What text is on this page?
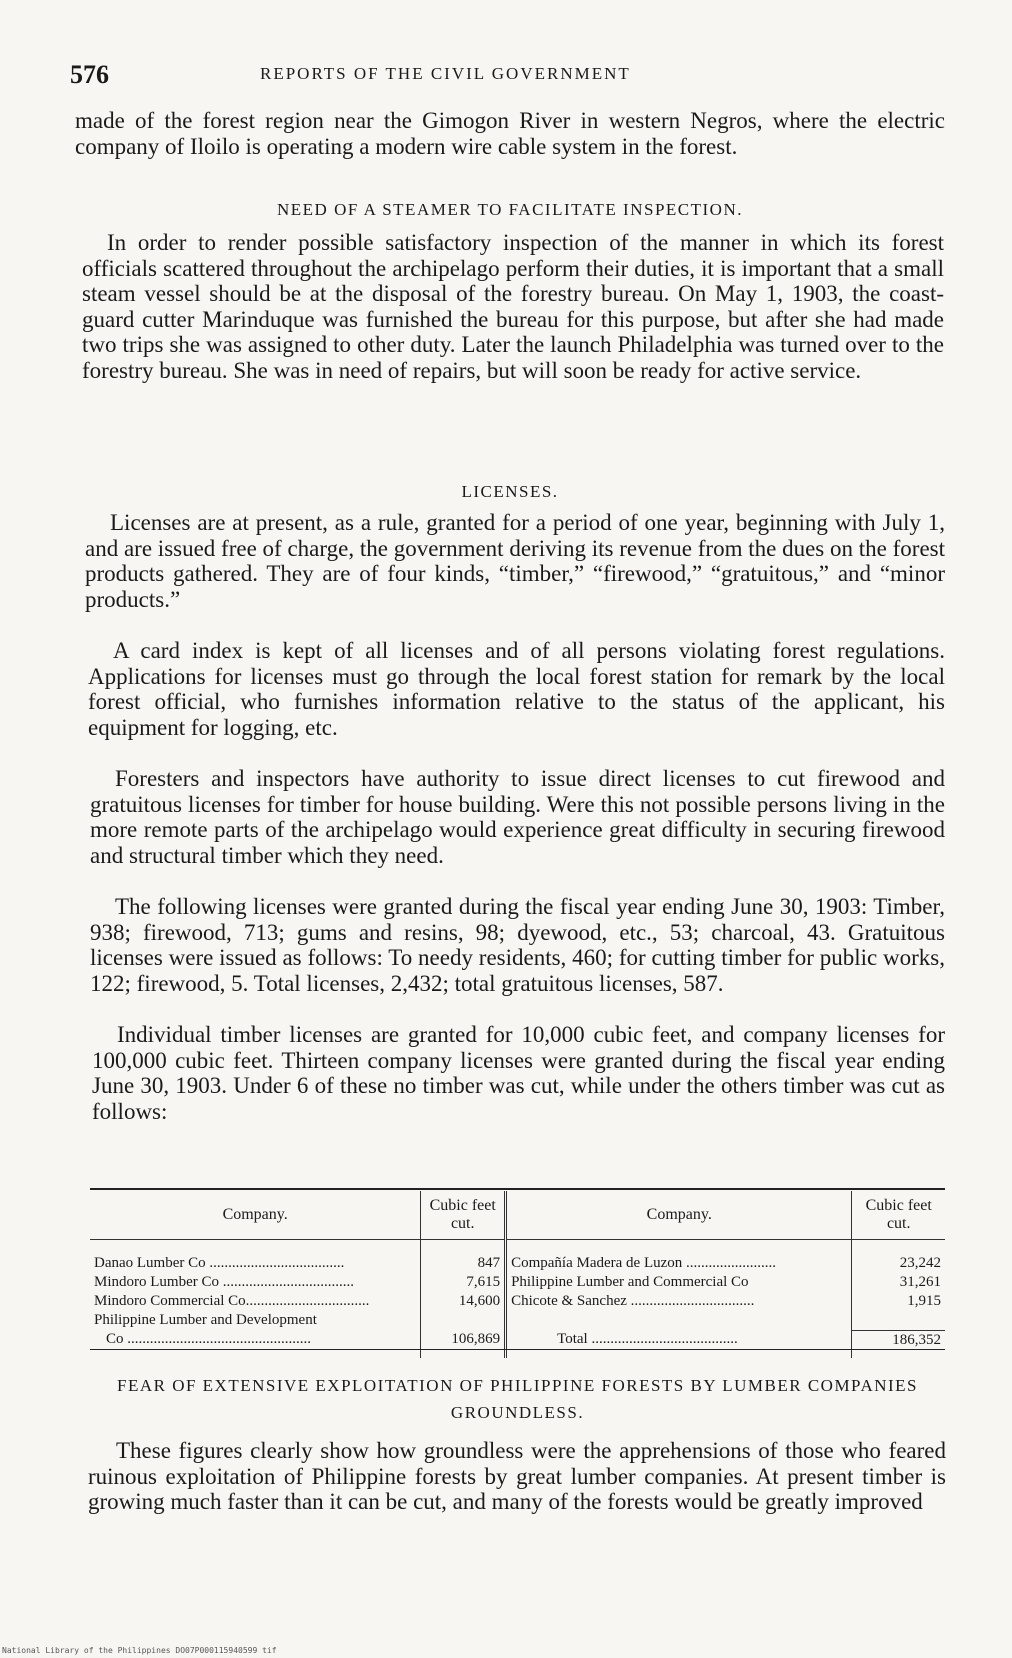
576	REPORTS OF THE CIVIL GOVERNMENT

made of the forest region near the Gimogon River in western Negros, where the electric company of Iloilo is operating a modern wire cable system in the forest.

NEED OF A STEAMER TO FACILITATE INSPECTION.

In order to render possible satisfactory inspection of the manner in which its forest officials scattered throughout the archipelago perform their duties, it is important that a small steam vessel should be at the disposal of the forestry bureau. On May 1, 1903, the coast-guard cutter Marinduque was furnished the bureau for this purpose, but after she had made two trips she was assigned to other duty. Later the launch Philadelphia was turned over to the forestry bureau. She was in need of repairs, but will soon be ready for active service.

LICENSES.

Licenses are at present, as a rule, granted for a period of one year, beginning with July 1, and are issued free of charge, the government deriving its revenue from the dues on the forest products gathered. They are of four kinds, “timber,” “firewood,” “gratuitous,” and “minor products.”

A card index is kept of all licenses and of all persons violating forest regulations. Applications for licenses must go through the local forest station for remark by the local forest official, who furnishes information relative to the status of the applicant, his equipment for logging, etc.

Foresters and inspectors have authority to issue direct licenses to cut firewood and gratuitous licenses for timber for house building. Were this not possible persons living in the more remote parts of the archipelago would experience great difficulty in securing firewood and structural timber which they need.

The following licenses were granted during the fiscal year ending June 30, 1903: Timber, 938; firewood, 713; gums and resins, 98; dyewood, etc., 53; charcoal, 43. Gratuitous licenses were issued as follows: To needy residents, 460; for cutting timber for public works, 122; firewood, 5. Total licenses, 2,432; total gratuitous licenses, 587.

Individual timber licenses are granted for 10,000 cubic feet, and company licenses for 100,000 cubic feet. Thirteen company licenses were granted during the fiscal year ending June 30, 1903. Under 6 of these no timber was cut, while under the others timber was cut as follows:

Company.	Cubic feet cut.	Company.	Cubic feet cut.

Danao Lumber Co ....................................	847	Compañía Madera de Luzon ........................	23,242
Mindoro Lumber Co ...................................	7,615	Philippine Lumber and Commercial Co	31,261
Mindoro Commercial Co.................................	14,600	Chicote & Sanchez .................................	1,915
Philippine Lumber and Development			
Co .................................................	106,869	Total .......................................	186,352

FEAR OF EXTENSIVE EXPLOITATION OF PHILIPPINE FORESTS BY LUMBER COMPANIES GROUNDLESS.

These figures clearly show how groundless were the apprehensions of those who feared ruinous exploitation of Philippine forests by great lumber companies. At present timber is growing much faster than it can be cut, and many of the forests would be greatly improved

National Library of the Philippines DO07P000115940599 tif
